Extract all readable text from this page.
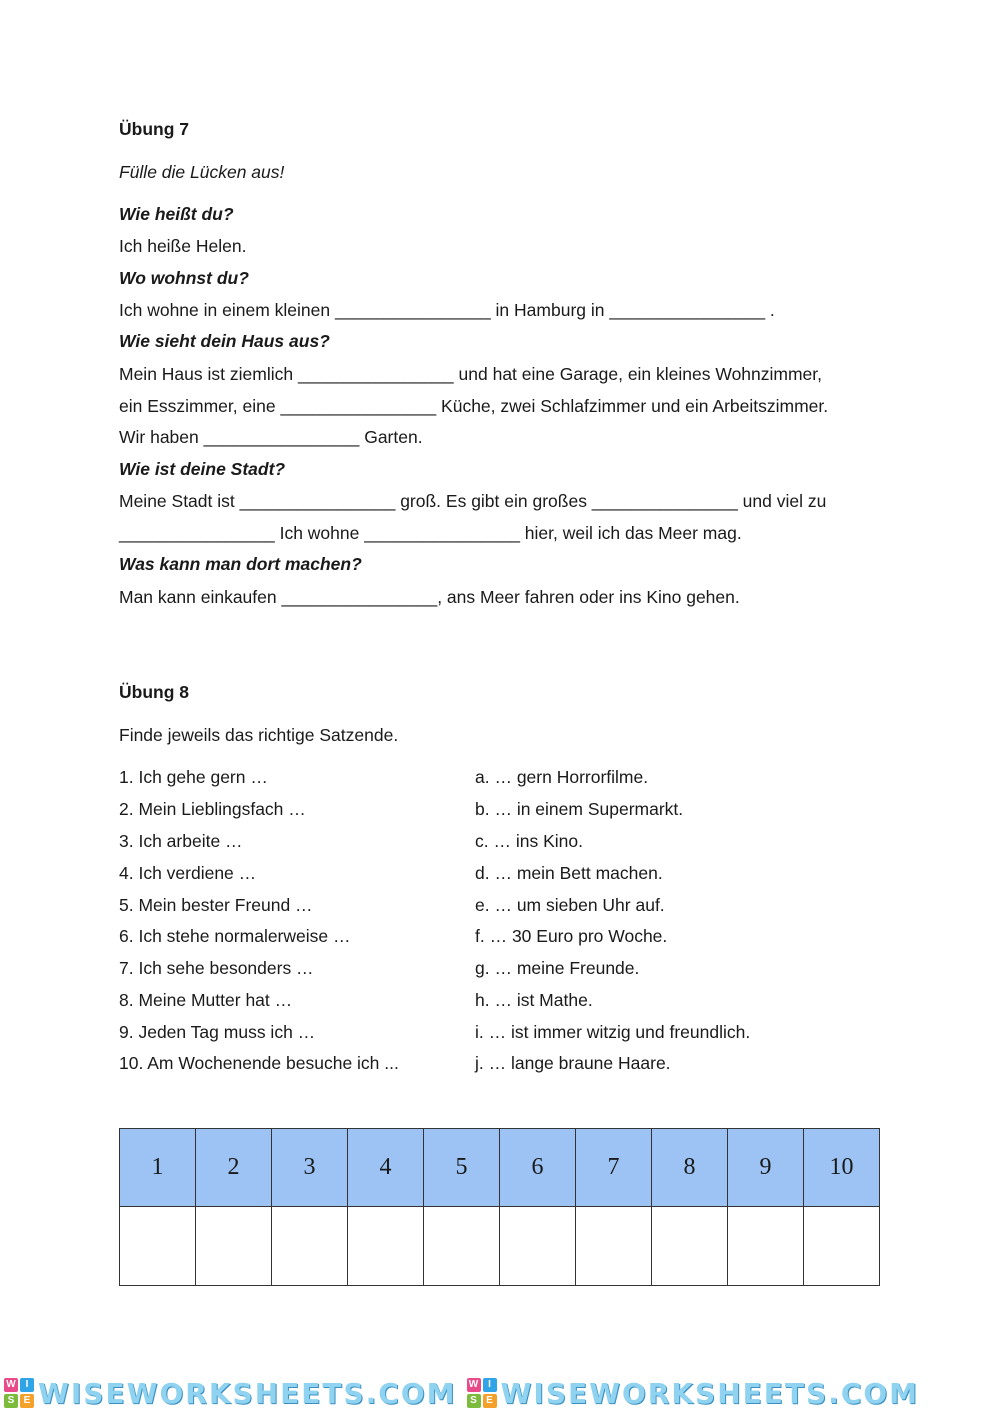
Übung 7
Fülle die Lücken aus!
Wie heißt du?
Ich heiße Helen.
Wo wohnst du?
Ich wohne in einem kleinen ________________ in Hamburg in ________________ .
Wie sieht dein Haus aus?
Mein Haus ist ziemlich ________________ und hat eine Garage, ein kleines Wohnzimmer,
ein Esszimmer, eine ________________ Küche, zwei Schlafzimmer und ein Arbeitszimmer.
Wir haben ________________ Garten.
Wie ist deine Stadt?
Meine Stadt ist ________________ groß. Es gibt ein großes _______________ und viel zu
________________ Ich wohne ________________ hier, weil ich das Meer mag.
Was kann man dort machen?
Man kann einkaufen ________________, ans Meer fahren oder ins Kino gehen.
Übung 8
Finde jeweils das richtige Satzende.
1. Ich gehe gern …	a. … gern Horrorfilme.
2. Mein Lieblingsfach …	b. … in einem Supermarkt.
3. Ich arbeite …	c. … ins Kino.
4. Ich verdiene …	d. … mein Bett machen.
5. Mein bester Freund …	e. … um sieben Uhr auf.
6. Ich stehe normalerweise …	f. … 30 Euro pro Woche.
7. Ich sehe besonders …	g. … meine Freunde.
8. Meine Mutter hat …	h. … ist Mathe.
9. Jeden Tag muss ich …	i. … ist immer witzig und freundlich.
10. Am Wochenende besuche ich ...	j. … lange braune Haare.
1	2	3	4	5	6	7	8	9	10

W I
S E WISEWORKSHEETS.COM W I
S E WISEWORKSHEETS.COM
